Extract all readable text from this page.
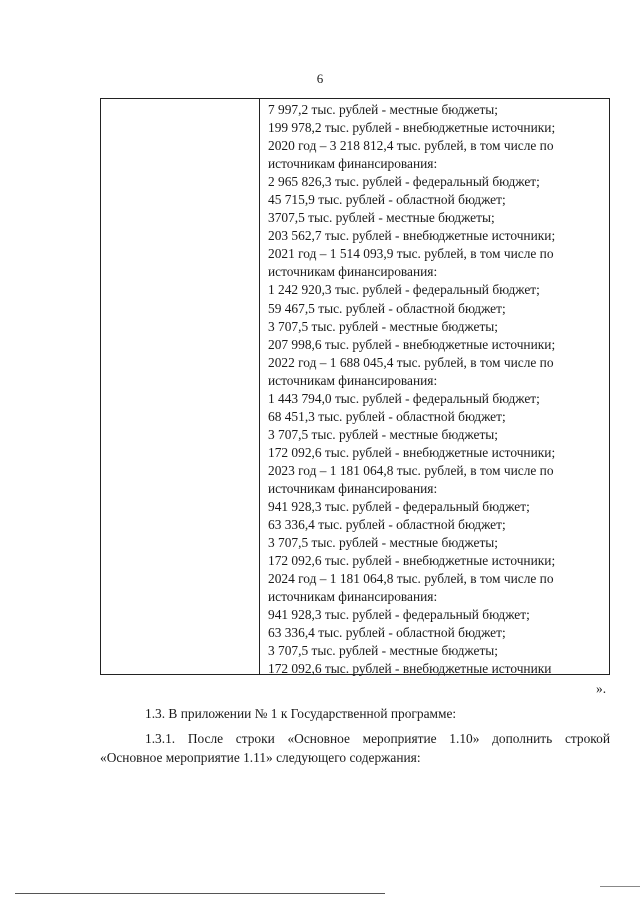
6
7 997,2 тыс. рублей - местные бюджеты;
199 978,2 тыс. рублей - внебюджетные источники;
2020 год – 3 218 812,4 тыс. рублей, в том числе по
источникам финансирования:
2 965 826,3 тыс. рублей - федеральный бюджет;
45 715,9 тыс. рублей - областной бюджет;
3707,5 тыс. рублей - местные бюджеты;
203 562,7 тыс. рублей - внебюджетные источники;
2021 год – 1 514 093,9 тыс. рублей, в том числе по
источникам финансирования:
1 242 920,3 тыс. рублей - федеральный бюджет;
59 467,5 тыс. рублей - областной бюджет;
3 707,5 тыс. рублей - местные бюджеты;
207 998,6 тыс. рублей - внебюджетные источники;
2022 год – 1 688 045,4 тыс. рублей, в том числе по
источникам финансирования:
1 443 794,0 тыс. рублей - федеральный бюджет;
68 451,3 тыс. рублей - областной бюджет;
3 707,5 тыс. рублей - местные бюджеты;
172 092,6 тыс. рублей - внебюджетные источники;
2023 год – 1 181 064,8 тыс. рублей, в том числе по
источникам финансирования:
941 928,3 тыс. рублей - федеральный бюджет;
63 336,4 тыс. рублей - областной бюджет;
3 707,5 тыс. рублей - местные бюджеты;
172 092,6 тыс. рублей - внебюджетные источники;
2024 год – 1 181 064,8 тыс. рублей, в том числе по
источникам финансирования:
941 928,3 тыс. рублей - федеральный бюджет;
63 336,4 тыс. рублей - областной бюджет;
3 707,5 тыс. рублей - местные бюджеты;
172 092,6 тыс. рублей - внебюджетные источники
».
1.3. В приложении № 1 к Государственной программе:
1.3.1. После строки «Основное мероприятие 1.10» дополнить строкой
«Основное мероприятие 1.11» следующего содержания:
